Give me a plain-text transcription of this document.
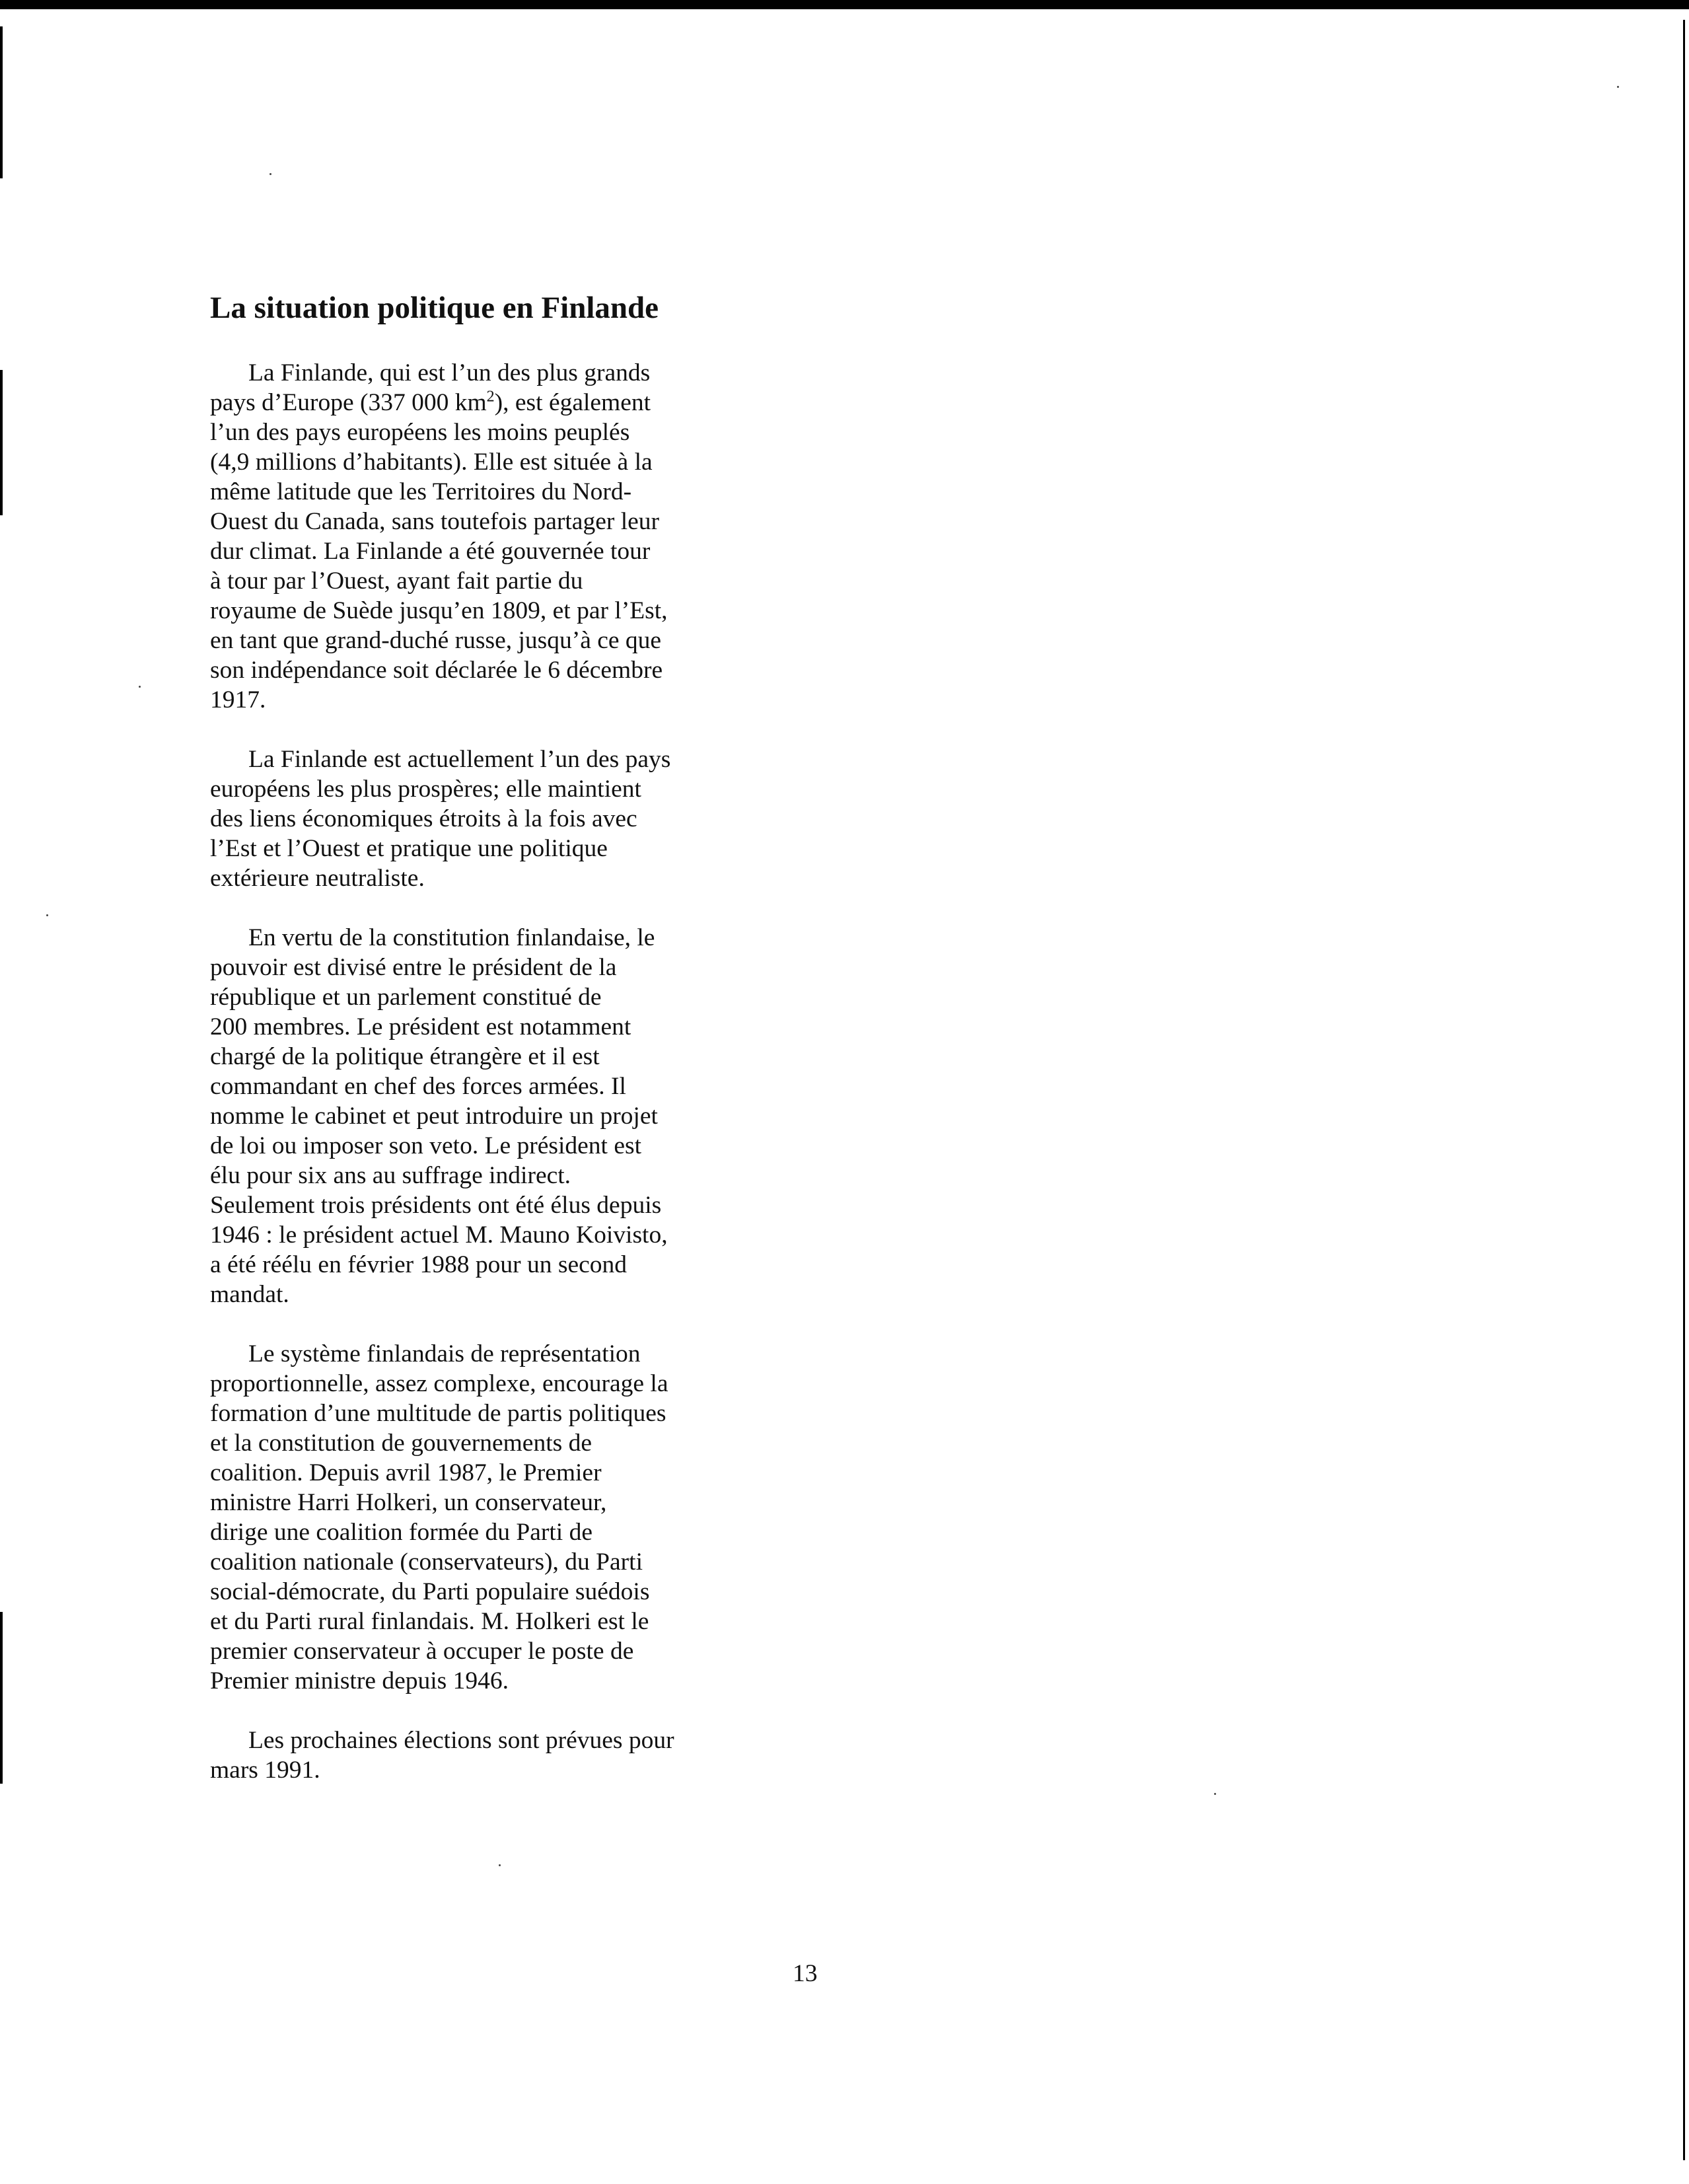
La situation politique en Finlande
La Finlande, qui est l’un des plus grands
pays d’Europe (337 000 $km^2$), est également
l’un des pays européens les moins peuplés
(4,9 millions d’habitants). Elle est située à la
même latitude que les Territoires du Nord-
Ouest du Canada, sans toutefois partager leur
dur climat. La Finlande a été gouvernée tour
à tour par l’Ouest, ayant fait partie du
royaume de Suède jusqu’en 1809, et par l’Est,
en tant que grand-duché russe, jusqu’à ce que
son indépendance soit déclarée le 6 décembre
1917.
La Finlande est actuellement l’un des pays
européens les plus prospères; elle maintient
des liens économiques étroits à la fois avec
l’Est et l’Ouest et pratique une politique
extérieure neutraliste.
En vertu de la constitution finlandaise, le
pouvoir est divisé entre le président de la
république et un parlement constitué de
200 membres. Le président est notamment
chargé de la politique étrangère et il est
commandant en chef des forces armées. Il
nomme le cabinet et peut introduire un projet
de loi ou imposer son veto. Le président est
élu pour six ans au suffrage indirect.
Seulement trois présidents ont été élus depuis
1946 : le président actuel M. Mauno Koivisto,
a été réélu en février 1988 pour un second
mandat.
Le système finlandais de représentation
proportionnelle, assez complexe, encourage la
formation d’une multitude de partis politiques
et la constitution de gouvernements de
coalition. Depuis avril 1987, le Premier
ministre Harri Holkeri, un conservateur,
dirige une coalition formée du Parti de
coalition nationale (conservateurs), du Parti
social-démocrate, du Parti populaire suédois
et du Parti rural finlandais. M. Holkeri est le
premier conservateur à occuper le poste de
Premier ministre depuis 1946.
Les prochaines élections sont prévues pour
mars 1991.
13
